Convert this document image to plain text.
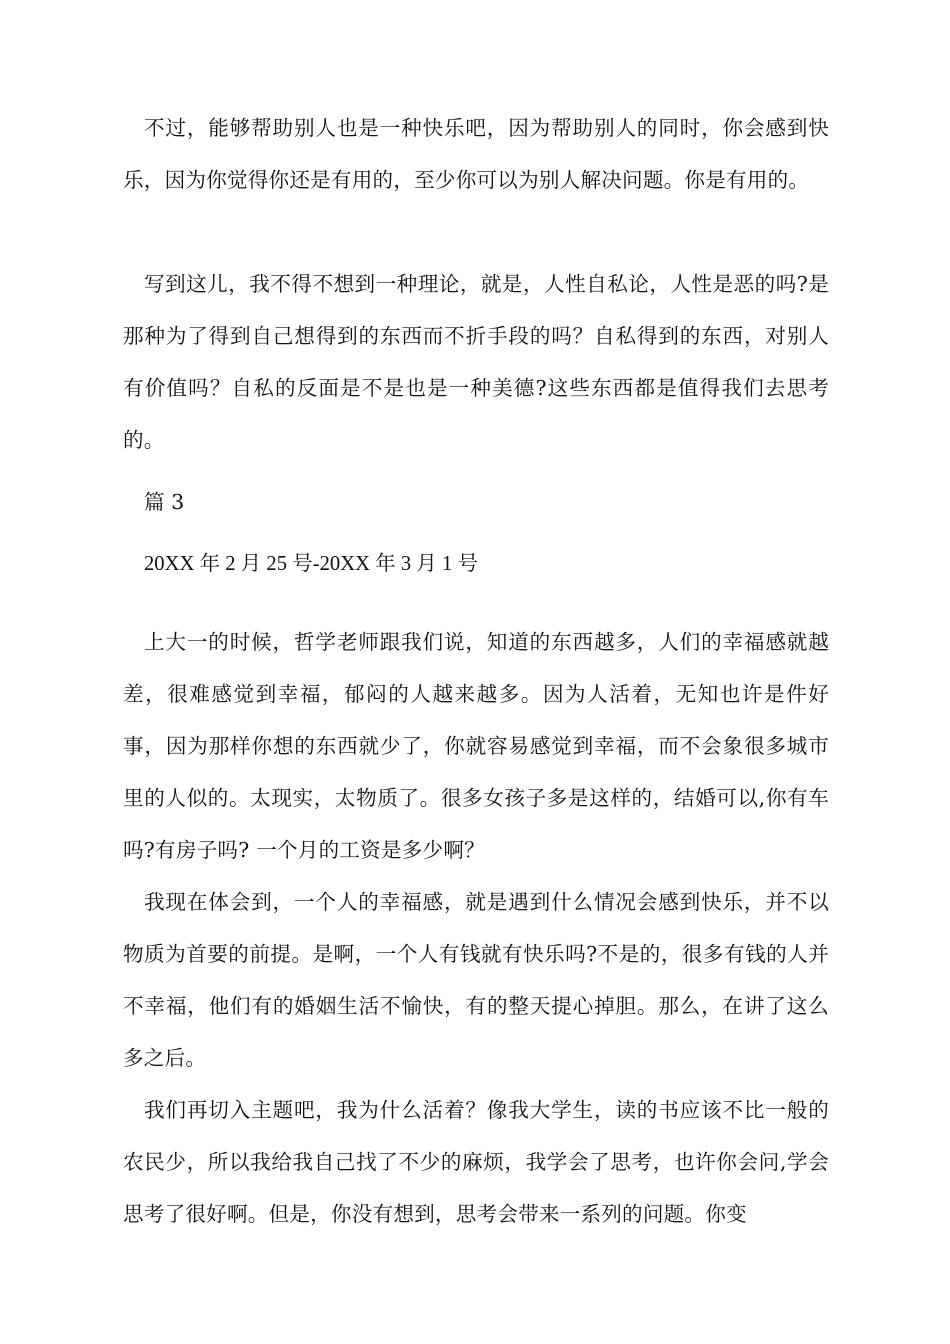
不过，能够帮助别人也是一种快乐吧，因为帮助别人的同时，你会感到快乐，因为你觉得你还是有用的，至少你可以为别人解决问题。你是有用的。

写到这儿，我不得不想到一种理论，就是，人性自私论，人性是恶的吗?是那种为了得到自己想得到的东西而不折手段的吗？自私得到的东西，对别人有价值吗？自私的反面是不是也是一种美德?这些东西都是值得我们去思考的。

篇 3

20XX 年 2 月 25 号-20XX 年 3 月 1 号

上大一的时候，哲学老师跟我们说，知道的东西越多，人们的幸福感就越差，很难感觉到幸福，郁闷的人越来越多。因为人活着，无知也许是件好事，因为那样你想的东西就少了，你就容易感觉到幸福，而不会象很多城市里的人似的。太现实，太物质了。很多女孩子多是这样的，结婚可以,你有车吗?有房子吗? 一个月的工资是多少啊？

我现在体会到，一个人的幸福感，就是遇到什么情况会感到快乐，并不以物质为首要的前提。是啊，一个人有钱就有快乐吗?不是的，很多有钱的人并不幸福，他们有的婚姻生活不愉快，有的整天提心掉胆。那么，在讲了这么多之后。

我们再切入主题吧，我为什么活着？像我大学生，读的书应该不比一般的农民少，所以我给我自己找了不少的麻烦，我学会了思考，也许你会问,学会思考了很好啊。但是，你没有想到，思考会带来一系列的问题。你变
